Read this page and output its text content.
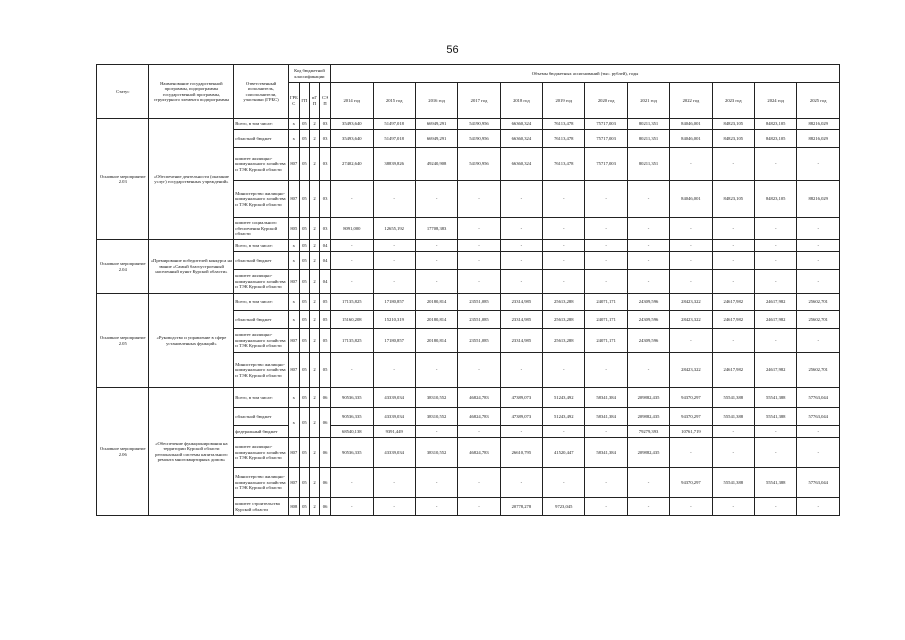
56
Статус	Наименование государственной программы, подпрограммы государственной программы, структурного элемента подпрограммы	Ответственный исполнитель, соисполнители, участники (ГРБС)	Код бюджетной классификации				Объемы бюджетных ассигнований (тыс. рублей), годы											
			ГРБС	ГП	пГП	СЭП	2014 год	2015 год	2016 год	2017 год	2018 год	2019 год	2020 год	2021 год	2022 год	2023 год	2024 год	2025 год
Основное мероприятие 2.03	«Обеспечение деятельности (оказание услуг) государственных учреждений»	Всего, в том числе:	x	05	2	03	35493,640	51497,018	66949,291	54190,956	66360,324	76113,478	75717,003	80211,351	84046,001	84823,105	84823,105	88216,029
		областной бюджет	x	05	2	03	35493,640	51497,018	66949,291	54190,956	66360,324	76113,478	75717,003	80211,351	84046,001	84823,105	84823,105	88216,029
		комитет жилищно-коммунального хозяйства и ТЭК Курской области	807	05	2	03	27402,640	38839,826	49240,908	54190,956	66360,324	76113,478	75717,003	80211,351	-	-	-	-
		Министерство жилищно-коммунального хозяйства и ТЭК Курской области	807	05	2	03	-	-	-	-	-	-	-	-	84046,001	84823,105	84823,105	88216,029
		комитет социального обеспечения Курской области	805	05	2	03	8091,000	12655,192	17708,383	-	-	-	-	-	-	-	-	-
Основное мероприятие 2.04	«Премирование победителей конкурса на звание «Самый благоустроенный населенный пункт Курской области»	Всего, в том числе:	x	05	2	04	-	-	-	-	-	-	-	-	-	-	-	-
		областной бюджет	x	05	2	04	-	-	-	-	-	-	-	-	-	-	-	-
		комитет жилищно-коммунального хозяйства и ТЭК Курской области	807	05	2	04	-	-	-	-	-	-	-	-	-	-	-	-
Основное мероприятие 2.05	«Руководство и управление в сфере установленных функций»	Всего, в том числе:	x	05	2	05	17135,825	17180,857	20180,814	23551,085	23314,985	25613,288	24071,171	24309,596	28423,322	24617,982	24617,982	25602,701
		областной бюджет	x	05	2	05	15160,208	15210,319	20180,814	23551,085	23314,985	25613,288	24071,171	24309,596	28423,322	24617,982	24617,982	25602,701
		комитет жилищно-коммунального хозяйства и ТЭК Курской области	807	05	2	05	17135,825	17180,857	20180,814	23551,085	23314,985	25613,288	24071,171	24309,596	-	-	-	-
		Министерство жилищно-коммунального хозяйства и ТЭК Курской области	807	05	2	05	-	-	-	-	-	-	-	-	28423,322	24617,982	24617,982	25602,701
Основное мероприятие 2.06	«Обеспечение функционирования на территории Курской области региональной системы капитального ремонта многоквартирных домов»	Всего, в том числе:	x	05	2	06	90536,335	43339,034	38310,552	46824,783	47389,073	51243,492	58341,384	209882,435	94370,297	55541,388	55541,388	57763,044
		областной бюджет	x	05	2	06	90536,335	43339,034	38310,552	46824,783	47389,073	51243,492	58341,384	209882,435	94370,297	55541,388	55541,388	57763,044
		федеральный бюджет					68540,138	9391,449	-	-	-	-	-	79279,393	10761,719	-	-	-
		комитет жилищно-коммунального хозяйства и ТЭК Курской области	807	05	2	06	90536,335	43339,034	38310,552	46824,783	26610,795	41520,447	58341,384	209882,435	-	-	-	-
		Министерство жилищно-коммунального хозяйства и ТЭК Курской области	807	05	2	06	-	-	-	-	-	-	-	-	94370,297	55541,388	55541,388	57763,044
		комитет строительства Курской области	808	05	2	06	-	-	-	-	20778,278	9723,045	-	-	-	-	-	-
